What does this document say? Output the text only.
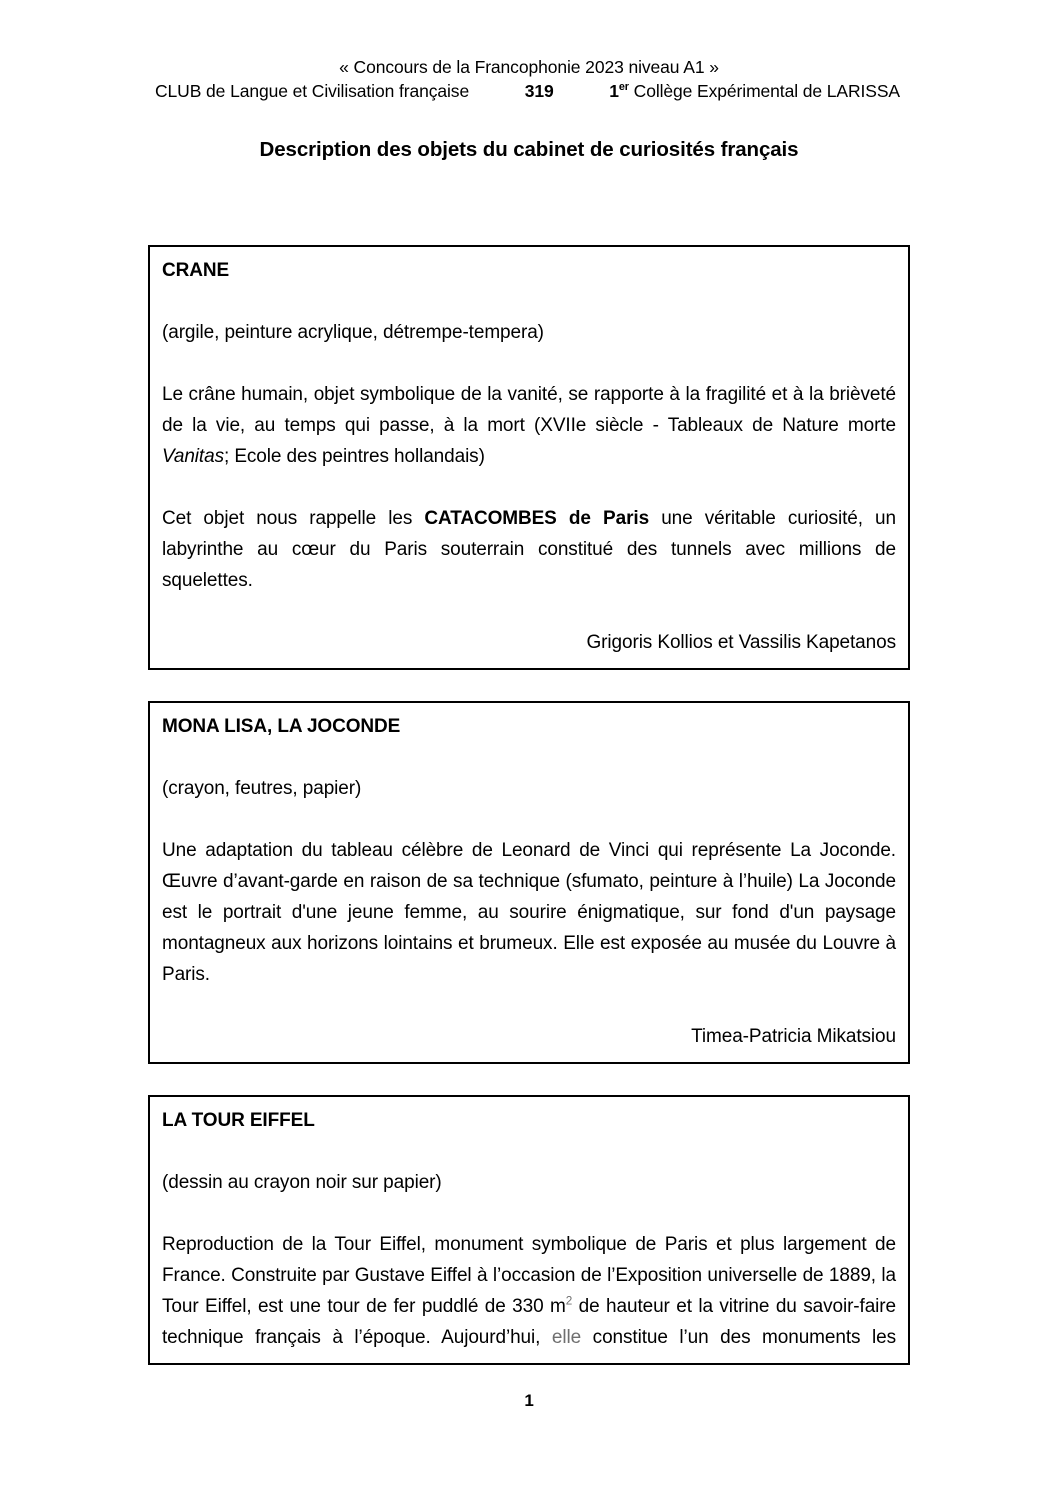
« Concours de la Francophonie 2023 niveau A1 »
CLUB de Langue et Civilisation française	319	1er Collège Expérimental de LARISSA
Description des objets du cabinet de curiosités français
CRANE
(argile, peinture acrylique, détrempe-tempera)

Le crâne humain, objet symbolique de la vanité, se rapporte à la fragilité et à la brièveté de la vie, au temps qui passe, à la mort (XVIIe siècle - Tableaux de Nature morte Vanitas; Ecole des peintres hollandais)

Cet objet nous rappelle les CATACOMBES de Paris une véritable curiosité, un labyrinthe au cœur du Paris souterrain constitué des tunnels avec millions de squelettes.

Grigoris Kollios et Vassilis Kapetanos
MONA LISA, LA JOCONDE
(crayon, feutres, papier)

Une adaptation du tableau célèbre de Leonard de Vinci qui représente La Joconde. Œuvre d’avant-garde en raison de sa technique (sfumato, peinture à l’huile) La Joconde est le portrait d'une jeune femme, au sourire énigmatique, sur fond d'un paysage montagneux aux horizons lointains et brumeux. Elle est exposée au musée du Louvre à Paris.

Timea-Patricia Mikatsiou
LA TOUR EIFFEL
(dessin au crayon noir sur papier)

Reproduction de la Tour Eiffel, monument symbolique de Paris et plus largement de France. Construite par Gustave Eiffel à l’occasion de l’Exposition universelle de 1889, la Tour Eiffel, est une tour de fer puddlé de 330 $m^2$ de hauteur et la vitrine du savoir-faire technique français à l’époque. Aujourd’hui, elle constitue l’un des monuments les

1
